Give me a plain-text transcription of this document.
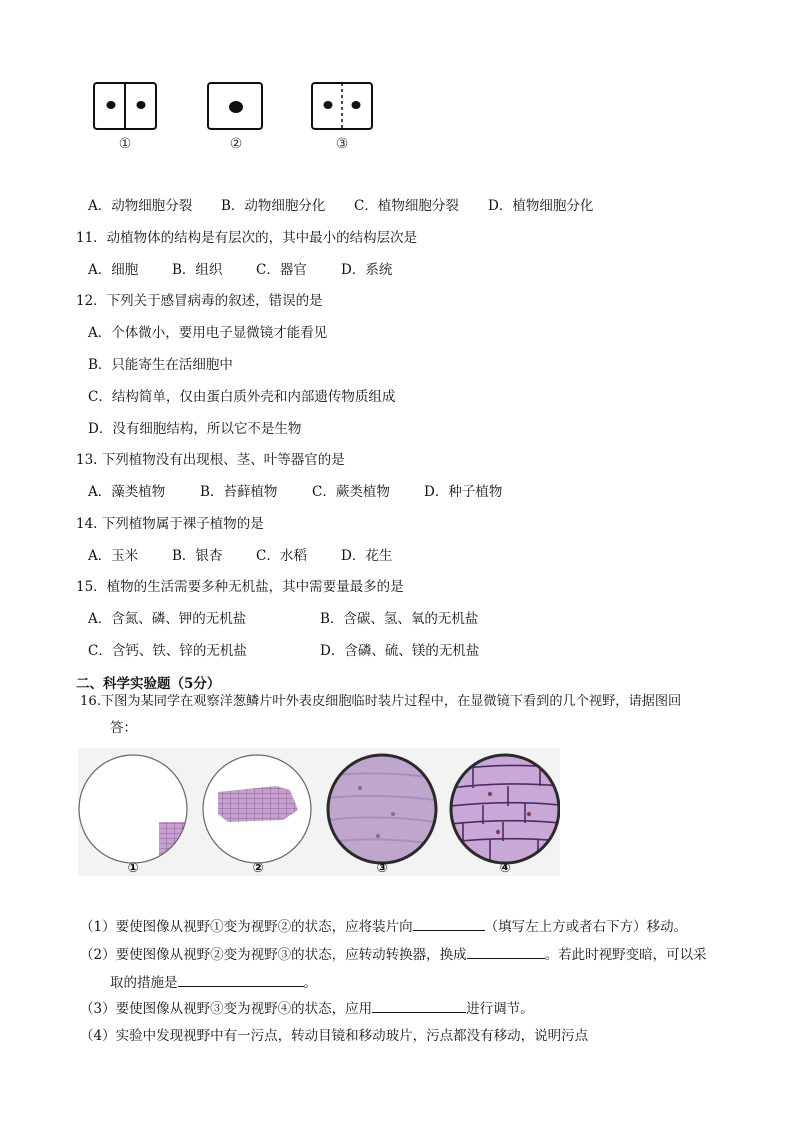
①	②	③
A．动物细胞分裂 B．动物细胞分化 C．植物细胞分裂 D．植物细胞分化
11．动植物体的结构是有层次的，其中最小的结构层次是
A．细胞	B．组织 C．器官	D．系统
12．下列关于感冒病毒的叙述，错误的是
A．个体微小，要用电子显微镜才能看见
B．只能寄生在活细胞中
C．结构简单，仅由蛋白质外壳和内部遗传物质组成
D．没有细胞结构，所以它不是生物
13. 下列植物没有出现根、茎、叶等器官的是
A．藻类植物	B．苔藓植物	C．蕨类植物	D．种子植物
14. 下列植物属于裸子植物的是
A．玉米	B．银杏 C．水稻	D．花生
15．植物的生活需要多种无机盐，其中需要量最多的是
A．含氮、磷、钾的无机盐	B．含碳、氢、氧的无机盐
C．含钙、铁、锌的无机盐	D．含磷、硫、镁的无机盐
二、科学实验题（5分）
16.下图为某同学在观察洋葱鳞片叶外表皮细胞临时装片过程中，在显微镜下看到的几个视野，请据图回
答：
①	②	③	④
（1）要使图像从视野①变为视野②的状态，应将装片向	（填写左上方或者右下方）移动。
（2）要使图像从视野②变为视野③的状态，应转动转换器，换成	。若此时视野变暗，可以采
取的措施是	。
（3）要使图像从视野③变为视野④的状态，应用	进行调节。
（4）实验中发现视野中有一污点，转动目镜和移动玻片，污点都没有移动，说明污点
